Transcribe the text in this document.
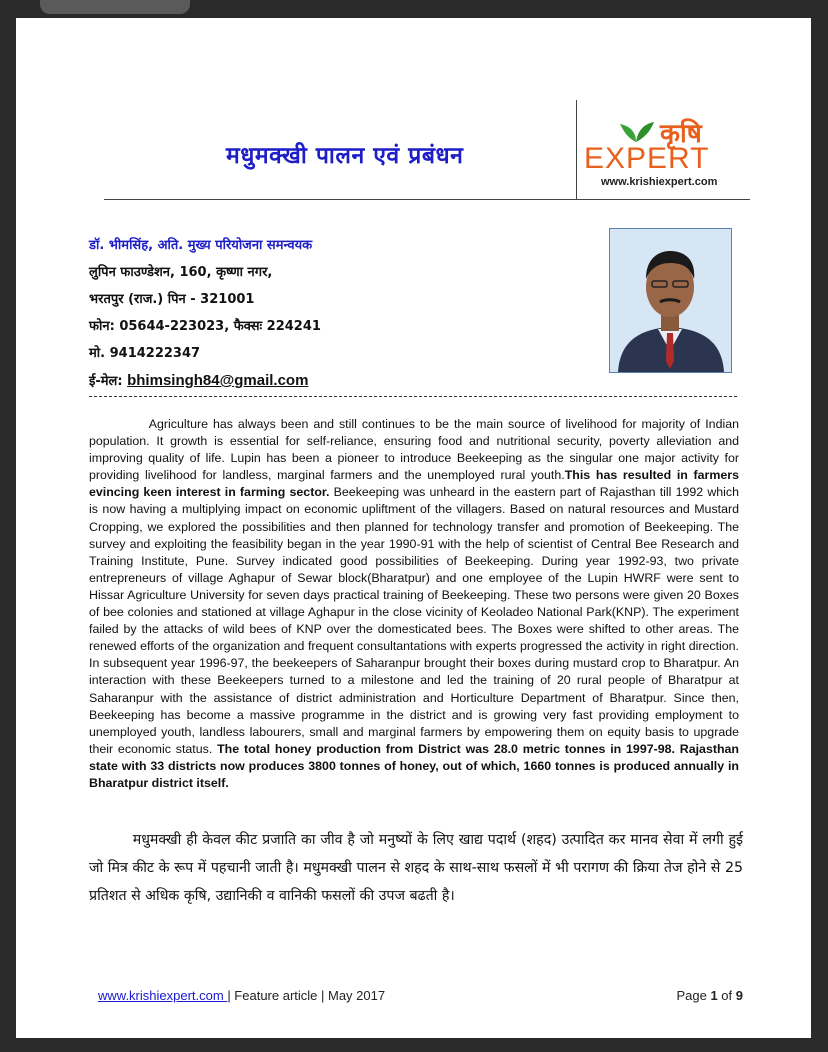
मधुमक्खी पालन एवं प्रबंधन
कृषि
EXPERT
www.krishiexpert.com
डॉ. भीमसिंह, अति. मुख्य परियोजना समन्वयक
लुपिन फाउण्डेशन, 160, कृष्णा नगर,
भरतपुर (राज.) पिन - 321001
फोन: 05644-223023, फैक्सः 224241
मो. 9414222347
ई-मेल: bhimsingh84@gmail.com

Agriculture has always been and still continues to be the main source of livelihood for majority of Indian population. It growth is essential for self-reliance, ensuring food and nutritional security, poverty alleviation and improving quality of life. Lupin has been a pioneer to introduce Beekeeping as the singular one major activity for providing livelihood for landless, marginal farmers and the unemployed rural youth.This has resulted in farmers evincing keen interest in farming sector. Beekeeping was unheard in the eastern part of Rajasthan till 1992 which is now having a multiplying impact on economic upliftment of the villagers. Based on natural resources and Mustard Cropping, we explored the possibilities and then planned for technology transfer and promotion of Beekeeping. The survey and exploiting the feasibility began in the year 1990-91 with the help of scientist of Central Bee Research and Training Institute, Pune. Survey indicated good possibilities of Beekeeping. During year 1992-93, two private entrepreneurs of village Aghapur of Sewar block(Bharatpur) and one employee of the Lupin HWRF were sent to Hissar Agriculture University for seven days practical training of Beekeeping. These two persons were given 20 Boxes of bee colonies and stationed at village Aghapur in the close vicinity of Keoladeo National Park(KNP). The experiment failed by the attacks of wild bees of KNP over the domesticated bees. The Boxes were shifted to other areas. The renewed efforts of the organization and frequent consultantations with experts progressed the activity in right direction. In subsequent year 1996-97, the beekeepers of Saharanpur brought their boxes during mustard crop to Bharatpur. An interaction with these Beekeepers turned to a milestone and led the training of 20 rural people of Bharatpur at Saharanpur with the assistance of district administration and Horticulture Department of Bharatpur. Since then, Beekeeping has become a massive programme in the district and is growing very fast providing employment to unemployed youth, landless labourers, small and marginal farmers by empowering them on equity basis to upgrade their economic status. The total honey production from District was 28.0 metric tonnes in 1997-98. Rajasthan state with 33 districts now produces 3800 tonnes of honey, out of which, 1660 tonnes is produced annually in Bharatpur district itself.

मधुमक्खी ही केवल कीट प्रजाति का जीव है जो मनुष्यों के लिए खाद्य पदार्थ (शहद) उत्पादित कर मानव सेवा में लगी हुई जो मित्र कीट के रूप में पहचानी जाती है। मधुमक्खी पालन से शहद के साथ-साथ फसलों में भी परागण की क्रिया तेज होने से 25 प्रतिशत से अधिक कृषि, उद्यानिकी व वानिकी फसलों की उपज बढती है।

www.krishiexpert.com | Feature article | May 2017	Page 1 of 9
